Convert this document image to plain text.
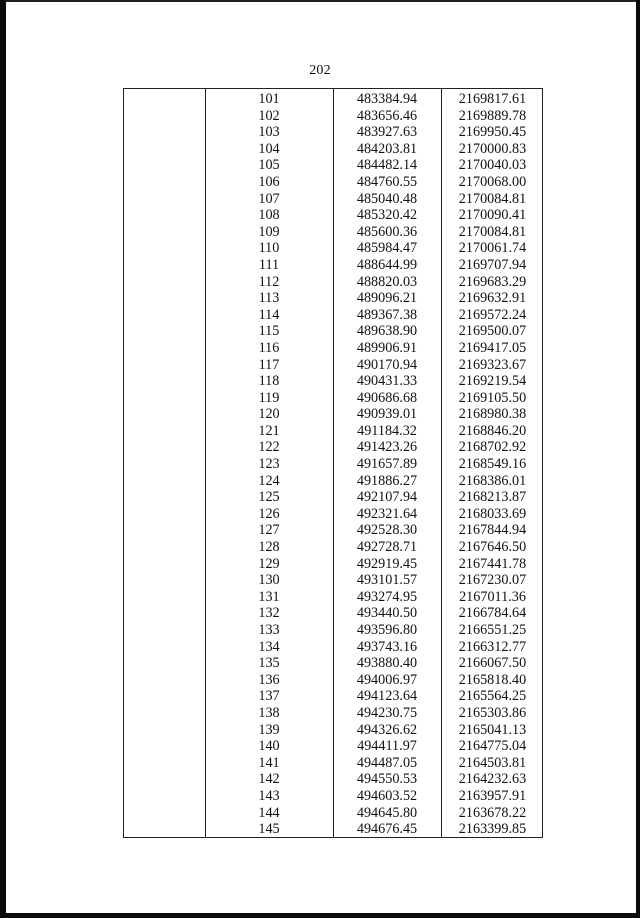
202
101	483384.94	2169817.61
102	483656.46	2169889.78
103	483927.63	2169950.45
104	484203.81	2170000.83
105	484482.14	2170040.03
106	484760.55	2170068.00
107	485040.48	2170084.81
108	485320.42	2170090.41
109	485600.36	2170084.81
110	485984.47	2170061.74
111	488644.99	2169707.94
112	488820.03	2169683.29
113	489096.21	2169632.91
114	489367.38	2169572.24
115	489638.90	2169500.07
116	489906.91	2169417.05
117	490170.94	2169323.67
118	490431.33	2169219.54
119	490686.68	2169105.50
120	490939.01	2168980.38
121	491184.32	2168846.20
122	491423.26	2168702.92
123	491657.89	2168549.16
124	491886.27	2168386.01
125	492107.94	2168213.87
126	492321.64	2168033.69
127	492528.30	2167844.94
128	492728.71	2167646.50
129	492919.45	2167441.78
130	493101.57	2167230.07
131	493274.95	2167011.36
132	493440.50	2166784.64
133	493596.80	2166551.25
134	493743.16	2166312.77
135	493880.40	2166067.50
136	494006.97	2165818.40
137	494123.64	2165564.25
138	494230.75	2165303.86
139	494326.62	2165041.13
140	494411.97	2164775.04
141	494487.05	2164503.81
142	494550.53	2164232.63
143	494603.52	2163957.91
144	494645.80	2163678.22
145	494676.45	2163399.85
